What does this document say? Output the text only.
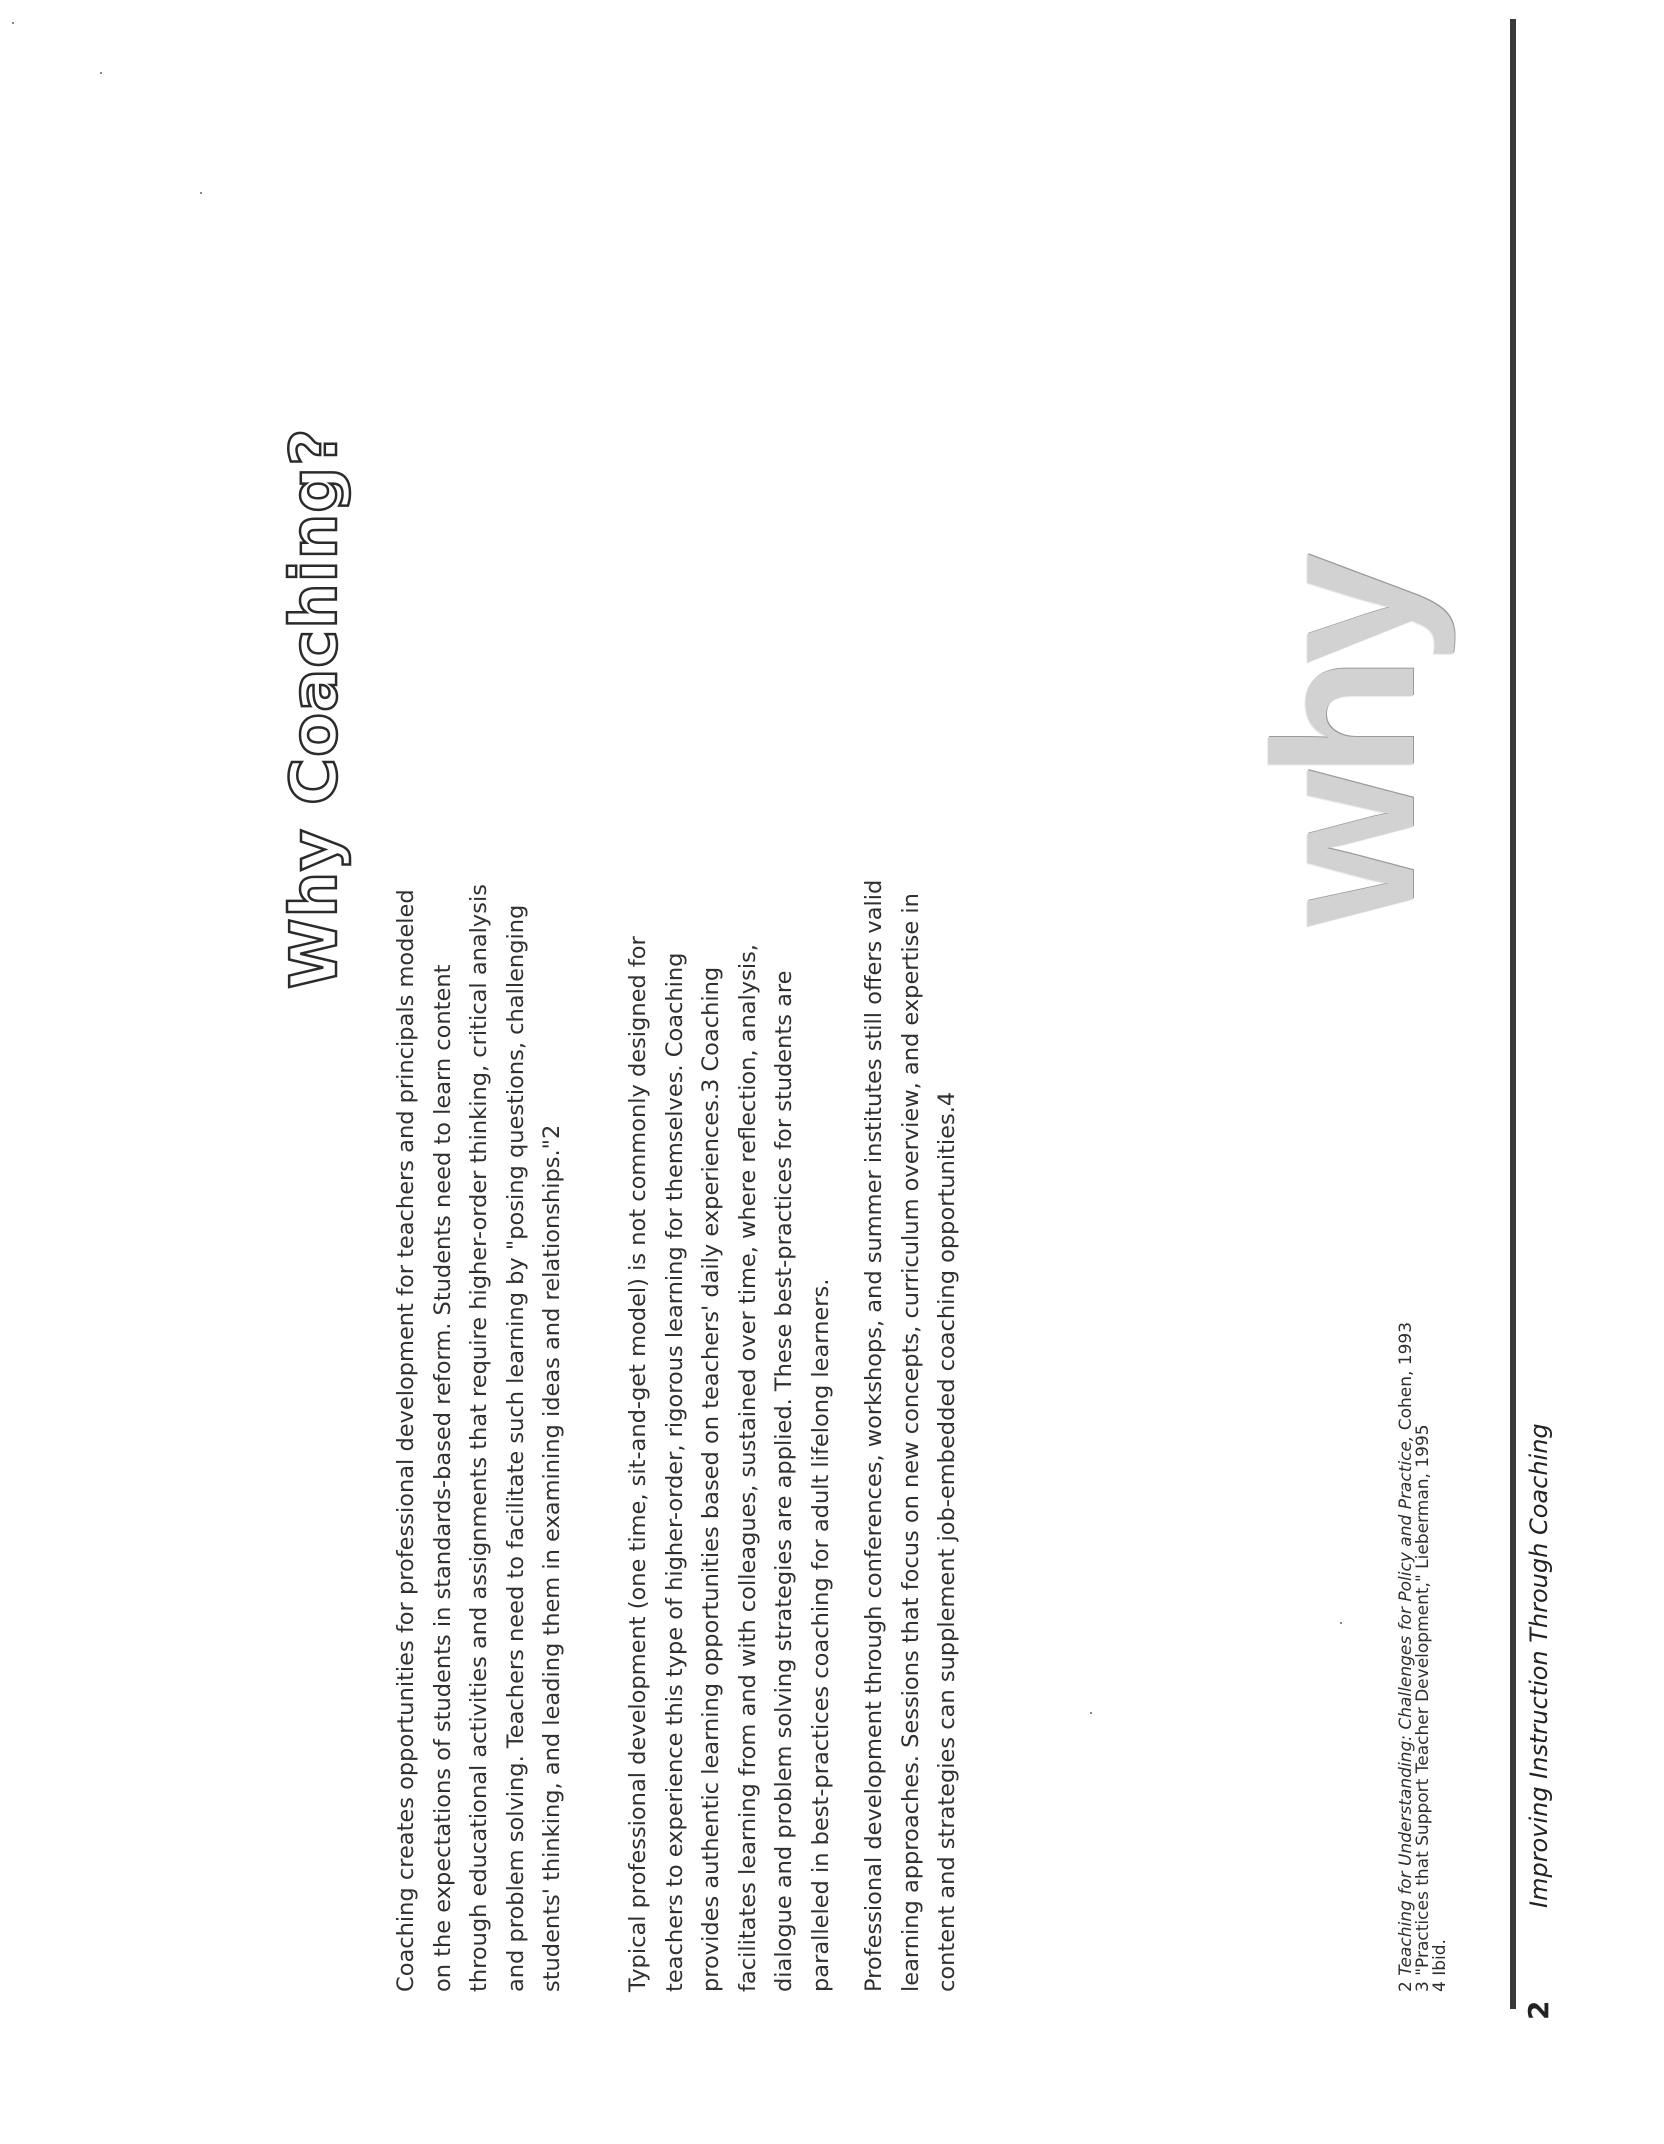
Why Coaching?
Coaching creates opportunities for professional development for teachers and principals modeled on the expectations of students in standards-based reform. Students need to learn content through educational activities and assignments that require higher-order thinking, critical analysis and problem solving. Teachers need to facilitate such learning by "posing questions, challenging students' thinking, and leading them in examining ideas and relationships."2	Typical professional development (one time, sit-and-get model) is not commonly designed for teachers to experience this type of higher-order, rigorous learning for themselves. Coaching provides authentic learning opportunities based on teachers' daily experiences.3 Coaching facilitates learning from and with colleagues, sustained over time, where reflection, analysis, dialogue and problem solving strategies are applied. These best-practices for students are paralleled in best-practices coaching for adult lifelong learners. Professional development through conferences, workshops, and summer institutes still offers valid learning approaches. Sessions that focus on new concepts, curriculum overview, and expertise in content and strategies can supplement job-embedded coaching opportunities.4
why
2 Teaching for Understanding: Challenges for Policy and Practice, Cohen, 1993
3 "Practices that Support Teacher Development," Lieberman, 1995
4 Ibid.
2
Improving Instruction Through Coaching
